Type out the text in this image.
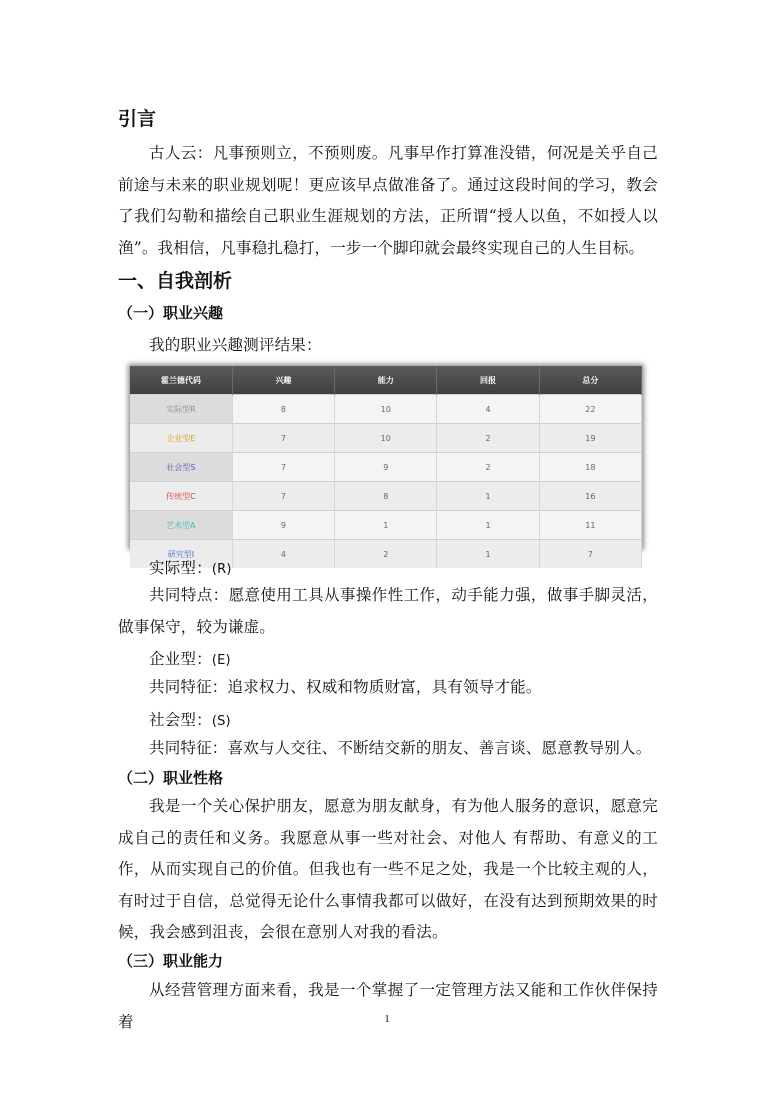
引言

古人云：凡事预则立，不预则废。凡事早作打算准没错，何况是关乎自己前途与未来的职业规划呢！更应该早点做准备了。通过这段时间的学习，教会了我们勾勒和描绘自己职业生涯规划的方法，正所谓“授人以鱼，不如授人以渔”。我相信，凡事稳扎稳打，一步一个脚印就会最终实现自己的人生目标。

一、自我剖析
（一）职业兴趣
我的职业兴趣测评结果：
霍兰德代码	兴趣	能力	回报	总分
实际型R	8	10	4	22
企业型E	7	10	2	19
社会型S	7	9	2	18
传统型C	7	8	1	16
艺术型A	9	1	1	11
研究型I	4	2	1	7
实际型：(R)

共同特点：愿意使用工具从事操作性工作，动手能力强，做事手脚灵活，做事保守，较为谦虚。

企业型：(E)

共同特征：追求权力、权威和物质财富，具有领导才能。

社会型：(S)

共同特征：喜欢与人交往、不断结交新的朋友、善言谈、愿意教导别人。

（二）职业性格

我是一个关心保护朋友，愿意为朋友献身，有为他人服务的意识，愿意完成自己的责任和义务。我愿意从事一些对社会、对他人 有帮助、有意义的工作，从而实现自己的价值。但我也有一些不足之处，我是一个比较主观的人，有时过于自信，总觉得无论什么事情我都可以做好，在没有达到预期效果的时候，我会感到沮丧，会很在意别人对我的看法。

（三）职业能力

从经营管理方面来看，我是一个掌握了一定管理方法又能和工作伙伴保持着	1
